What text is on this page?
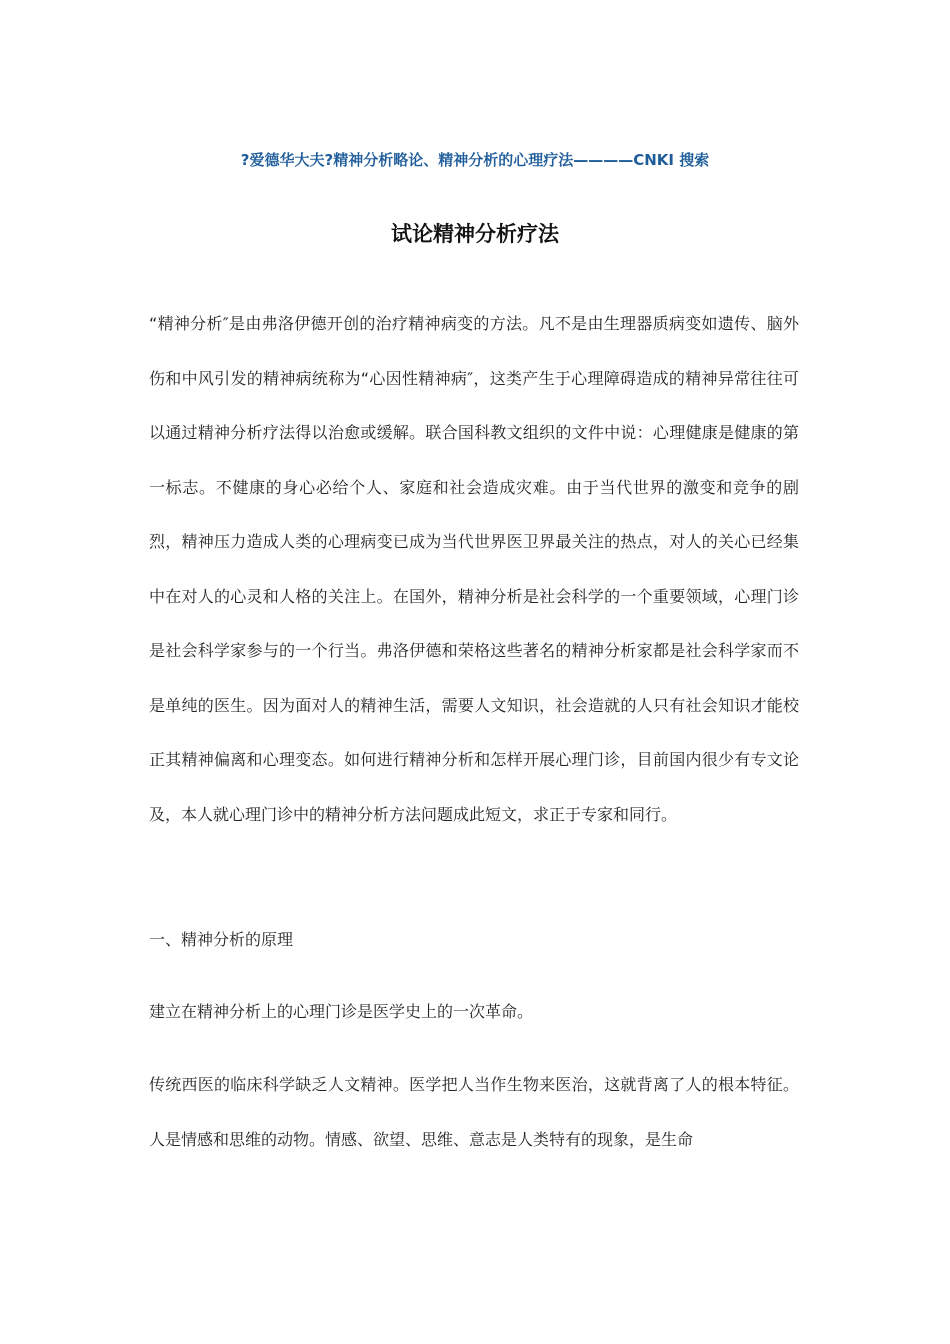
?爱德华大夫?精神分析略论、精神分析的心理疗法————CNKI 搜索
试论精神分析疗法
“精神分析″是由弗洛伊德开创的治疗精神病变的方法。凡不是由生理器质病变如遗传、脑外伤和中风引发的精神病统称为“心因性精神病″，这类产生于心理障碍造成的精神异常往往可以通过精神分析疗法得以治愈或缓解。联合国科教文组织的文件中说：心理健康是健康的第一标志。不健康的身心必给个人、家庭和社会造成灾难。由于当代世界的激变和竞争的剧烈，精神压力造成人类的心理病变已成为当代世界医卫界最关注的热点，对人的关心已经集中在对人的心灵和人格的关注上。在国外，精神分析是社会科学的一个重要领域，心理门诊是社会科学家参与的一个行当。弗洛伊德和荣格这些著名的精神分析家都是社会科学家而不是单纯的医生。因为面对人的精神生活，需要人文知识，社会造就的人只有社会知识才能校正其精神偏离和心理变态。如何进行精神分析和怎样开展心理门诊，目前国内很少有专文论及，本人就心理门诊中的精神分析方法问题成此短文，求正于专家和同行。
一、精神分析的原理
建立在精神分析上的心理门诊是医学史上的一次革命。
传统西医的临床科学缺乏人文精神。医学把人当作生物来医治，这就背离了人的根本特征。人是情感和思维的动物。情感、欲望、思维、意志是人类特有的现象，是生命
